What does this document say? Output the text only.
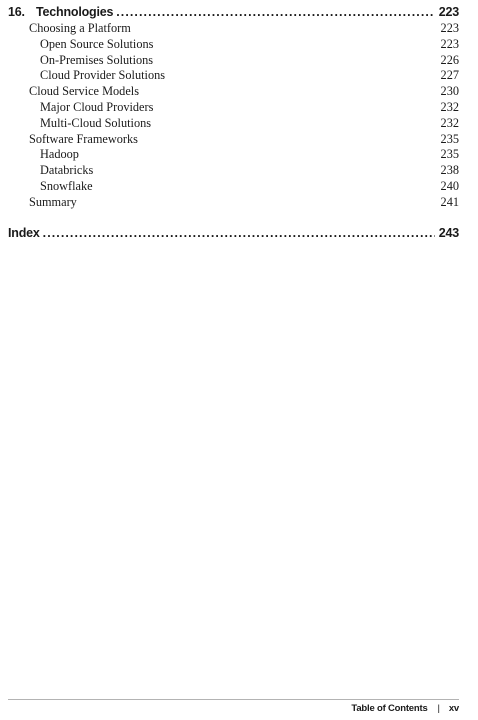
16. Technologies . . .	223
Choosing a Platform	223
Open Source Solutions	223
On-Premises Solutions	226
Cloud Provider Solutions	227
Cloud Service Models	230
Major Cloud Providers	232
Multi-Cloud Solutions	232
Software Frameworks	235
Hadoop	235
Databricks	238
Snowflake	240
Summary	241
Index . . .	243
Table of Contents | xv
